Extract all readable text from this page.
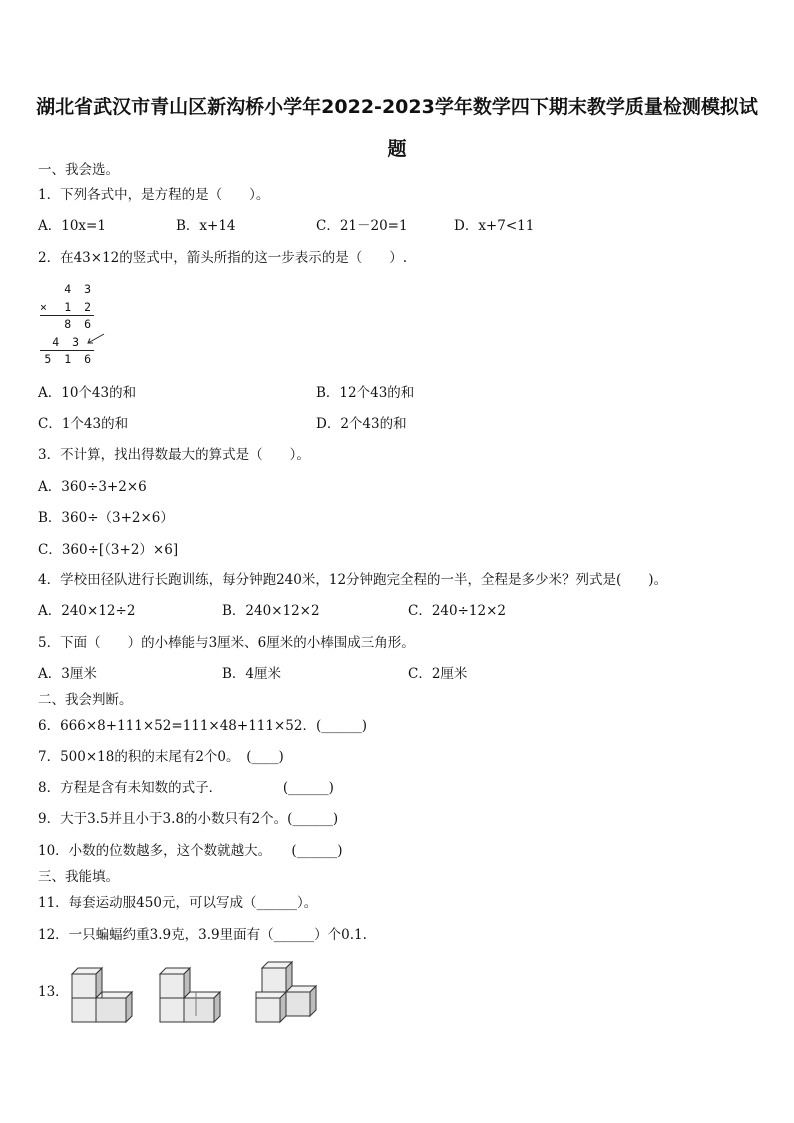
湖北省武汉市青山区新沟桥小学年2022-2023学年数学四下期末教学质量检测模拟试题
一、我会选。
1．下列各式中，是方程的是（　　）。
A．10x=1	B．x+14	C．21－20=1	D．x+7<11
2．在43×12的竖式中，箭头所指的这一步表示的是（　　）.
4 3
×	1 2
8 6
4 3
5 1 6
A．10个43的和	B．12个43的和
C．1个43的和	D．2个43的和
3．不计算，找出得数最大的算式是（　　）。
A．360÷3+2×6
B．360÷（3+2×6）
C．360÷[（3+2）×6]
4．学校田径队进行长跑训练，每分钟跑240米，12分钟跑完全程的一半，全程是多少米？列式是(　　)。
A．240×12÷2	B．240×12×2	C．240÷12×2
5．下面（　　）的小棒能与3厘米、6厘米的小棒围成三角形。
A．3厘米	B．4厘米	C．2厘米
二、我会判断。
6．666×8+111×52=111×48+111×52．(______)
7．500×18的积的末尾有2个0。　(____)
8．方程是含有未知数的式子．　　　　　(______)
9．大于3.5并且小于3.8的小数只有2个。(______)
10．小数的位数越多，这个数就越大。　　(______)
三、我能填。
11．每套运动服450元，可以写成（______）。
12．一只蝙蝠约重3.9克，3.9里面有（______）个0.1.
13．
